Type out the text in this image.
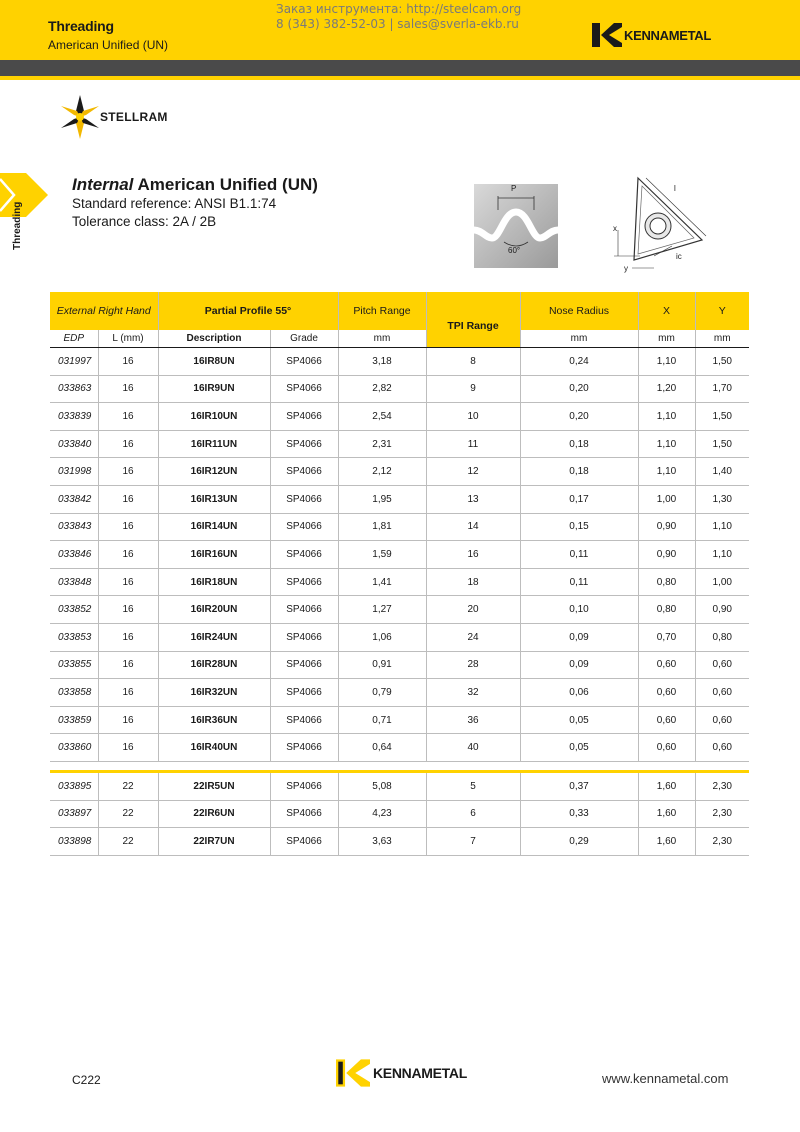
Threading
American Unified (UN)
Заказ инструмента: http://steelcam.org
8 (343) 382-52-03 | sales@sverla-ekb.ru
KENNAMETAL
STELLRAM
Threading
Internal American Unified (UN)
Standard reference: ANSI B1.1:74
Tolerance class: 2A / 2B
P
60°
l
x
y
ic
External Right Hand		Partial Profile 55°		Pitch Range	TPI Range	Nose Radius	X	Y
EDP	L (mm)	Description	Grade	mm		mm	mm	mm
031997	16	16IR8UN	SP4066	3,18	8	0,24	1,10	1,50
033863	16	16IR9UN	SP4066	2,82	9	0,20	1,20	1,70
033839	16	16IR10UN	SP4066	2,54	10	0,20	1,10	1,50
033840	16	16IR11UN	SP4066	2,31	11	0,18	1,10	1,50
031998	16	16IR12UN	SP4066	2,12	12	0,18	1,10	1,40
033842	16	16IR13UN	SP4066	1,95	13	0,17	1,00	1,30
033843	16	16IR14UN	SP4066	1,81	14	0,15	0,90	1,10
033846	16	16IR16UN	SP4066	1,59	16	0,11	0,90	1,10
033848	16	16IR18UN	SP4066	1,41	18	0,11	0,80	1,00
033852	16	16IR20UN	SP4066	1,27	20	0,10	0,80	0,90
033853	16	16IR24UN	SP4066	1,06	24	0,09	0,70	0,80
033855	16	16IR28UN	SP4066	0,91	28	0,09	0,60	0,60
033858	16	16IR32UN	SP4066	0,79	32	0,06	0,60	0,60
033859	16	16IR36UN	SP4066	0,71	36	0,05	0,60	0,60
033860	16	16IR40UN	SP4066	0,64	40	0,05	0,60	0,60

033895	22	22IR5UN	SP4066	5,08	5	0,37	1,60	2,30
033897	22	22IR6UN	SP4066	4,23	6	0,33	1,60	2,30
033898	22	22IR7UN	SP4066	3,63	7	0,29	1,60	2,30
C222	KENNAMETAL	www.kennametal.com
